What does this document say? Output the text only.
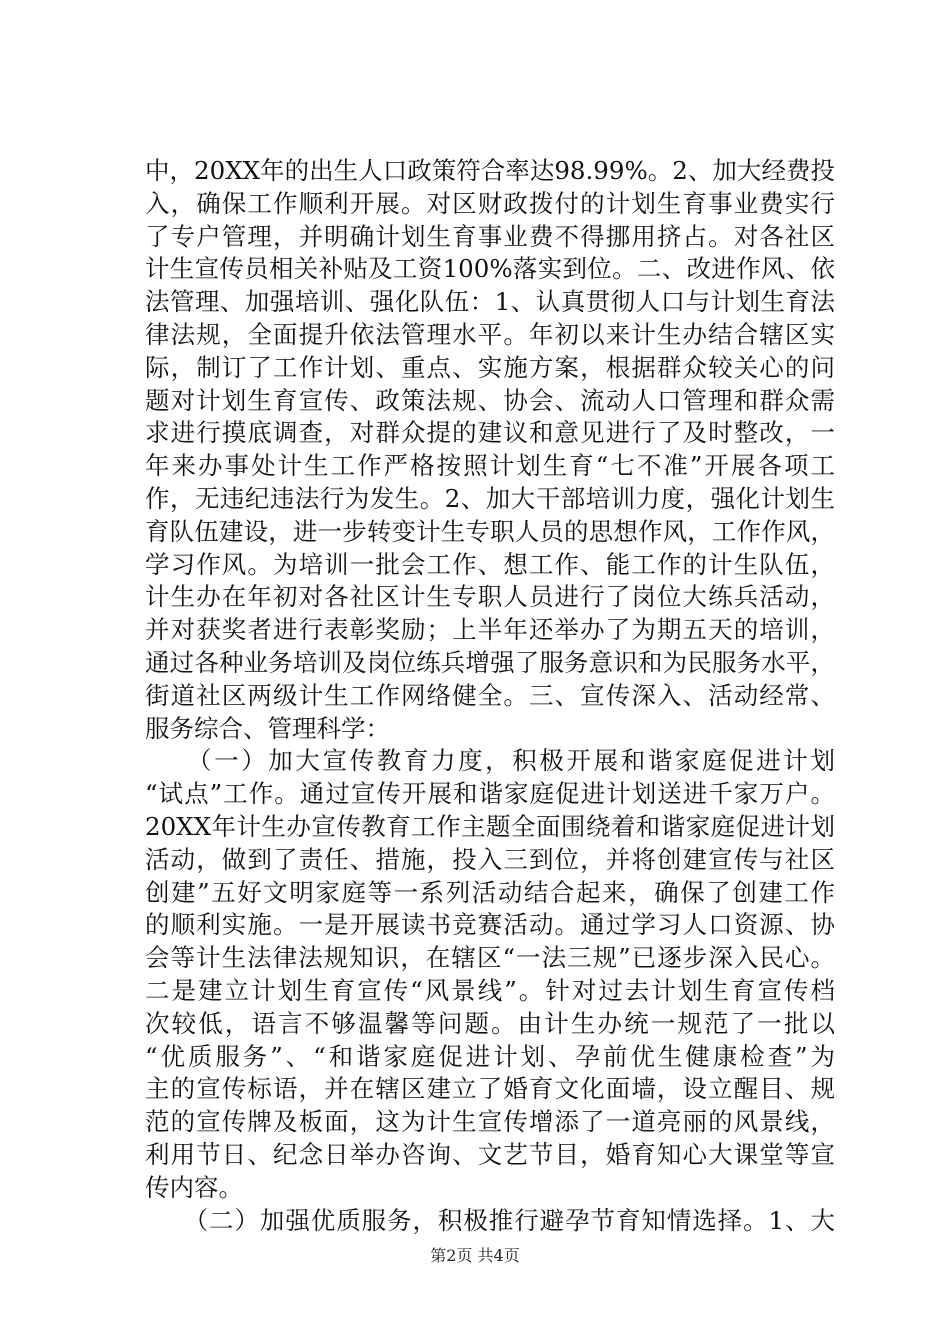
中，20XX年的出生人口政策符合率达98.99%。2、加大经费投
入，确保工作顺利开展。对区财政拨付的计划生育事业费实行
了专户管理，并明确计划生育事业费不得挪用挤占。对各社区
计生宣传员相关补贴及工资100%落实到位。二、改进作风、依
法管理、加强培训、强化队伍：1、认真贯彻人口与计划生育法
律法规，全面提升依法管理水平。年初以来计生办结合辖区实
际，制订了工作计划、重点、实施方案，根据群众较关心的问
题对计划生育宣传、政策法规、协会、流动人口管理和群众需
求进行摸底调查，对群众提的建议和意见进行了及时整改，一
年来办事处计生工作严格按照计划生育“七不准”开展各项工
作，无违纪违法行为发生。2、加大干部培训力度，强化计划生
育队伍建设，进一步转变计生专职人员的思想作风，工作作风，
学习作风。为培训一批会工作、想工作、能工作的计生队伍，
计生办在年初对各社区计生专职人员进行了岗位大练兵活动，
并对获奖者进行表彰奖励；上半年还举办了为期五天的培训，
通过各种业务培训及岗位练兵增强了服务意识和为民服务水平，
街道社区两级计生工作网络健全。三、宣传深入、活动经常、
服务综合、管理科学：
　　（一）加大宣传教育力度，积极开展和谐家庭促进计划
“试点”工作。通过宣传开展和谐家庭促进计划送进千家万户。
20XX年计生办宣传教育工作主题全面围绕着和谐家庭促进计划
活动，做到了责任、措施，投入三到位，并将创建宣传与社区
创建”五好文明家庭等一系列活动结合起来，确保了创建工作
的顺利实施。一是开展读书竞赛活动。通过学习人口资源、协
会等计生法律法规知识，在辖区“一法三规”已逐步深入民心。
二是建立计划生育宣传“风景线”。针对过去计划生育宣传档
次较低，语言不够温馨等问题。由计生办统一规范了一批以
“优质服务”、“和谐家庭促进计划、孕前优生健康检查”为
主的宣传标语，并在辖区建立了婚育文化面墙，设立醒目、规
范的宣传牌及板面，这为计生宣传增添了一道亮丽的风景线，
利用节日、纪念日举办咨询、文艺节目，婚育知心大课堂等宣
传内容。
　　（二）加强优质服务，积极推行避孕节育知情选择。1、大
第2页 共4页
